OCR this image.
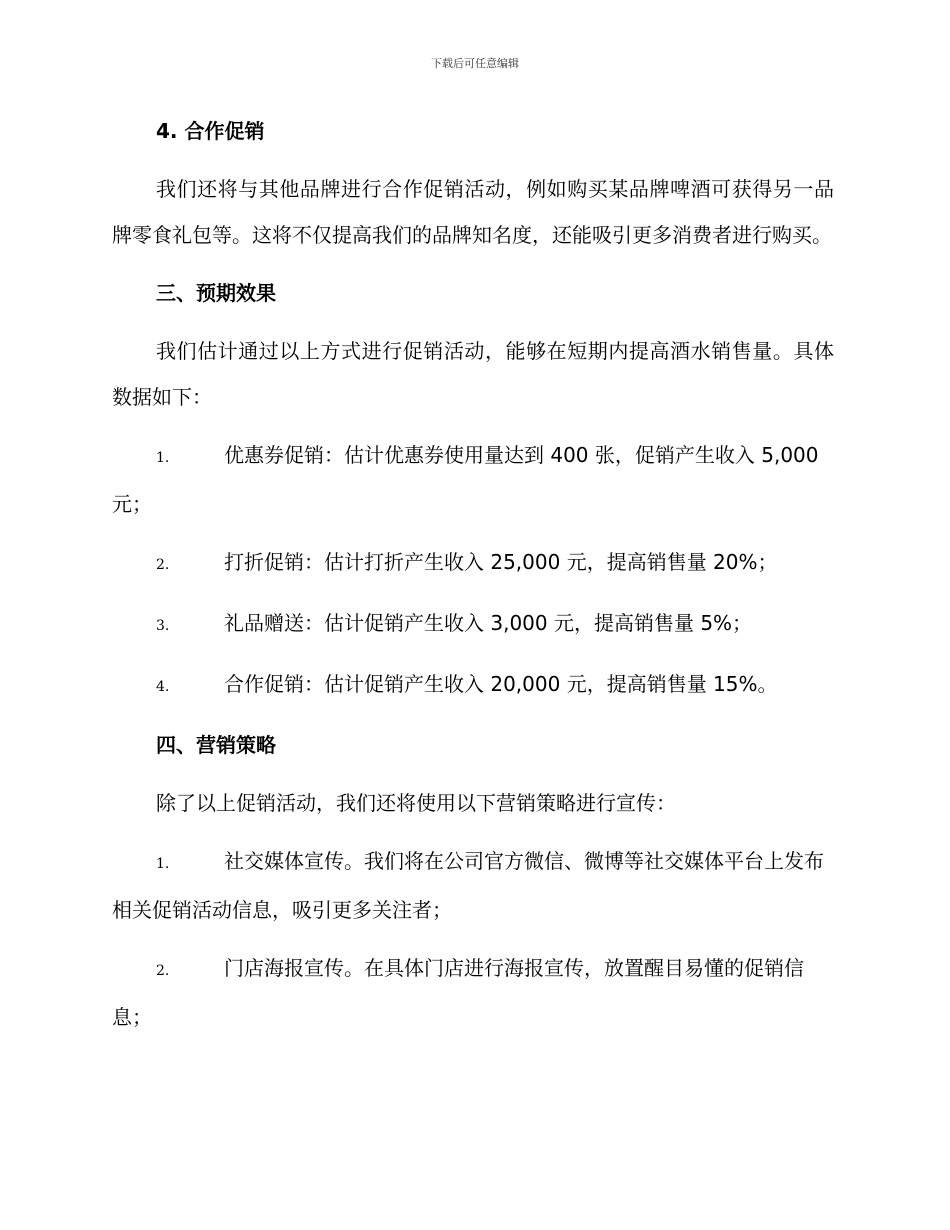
下载后可任意编辑

4. 合作促销

我们还将与其他品牌进行合作促销活动，例如购买某品牌啤酒可获得另一品牌零食礼包等。这将不仅提高我们的品牌知名度，还能吸引更多消费者进行购买。

三、预期效果

我们估计通过以上方式进行促销活动，能够在短期内提高酒水销售量。具体数据如下：

1.	优惠券促销：估计优惠券使用量达到 400 张，促销产生收入 5,000 元；

2.	打折促销：估计打折产生收入 25,000 元，提高销售量 20%；

3.	礼品赠送：估计促销产生收入 3,000 元，提高销售量 5%；

4.	合作促销：估计促销产生收入 20,000 元，提高销售量 15%。

四、营销策略

除了以上促销活动，我们还将使用以下营销策略进行宣传：

1.	社交媒体宣传。我们将在公司官方微信、微博等社交媒体平台上发布相关促销活动信息，吸引更多关注者；

2.	门店海报宣传。在具体门店进行海报宣传，放置醒目易懂的促销信息；
